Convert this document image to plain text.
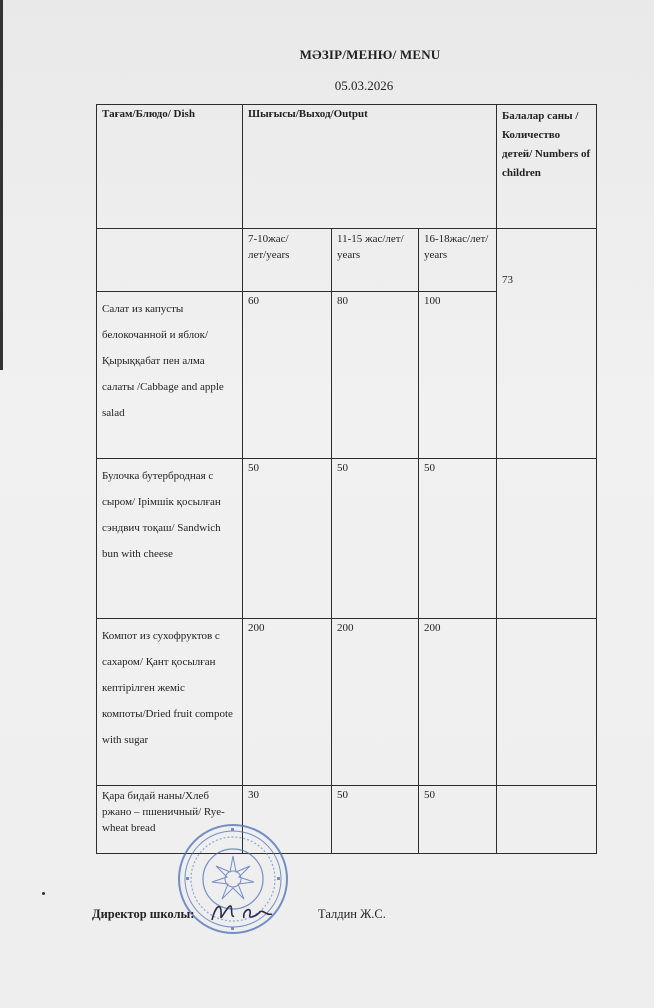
МӘЗІР/МЕНЮ/ MENU
05.03.2026
Тағам/Блюдо/ Dish	Шығысы/Выход/Output			Балалар саны /Количество детей/ Numbers of children
	7-10жас/лет/years	11-15 жас/лет/ years	16-18жас/лет/ years	73

Салат из капусты белокочанной и яблок/ Қырыққабат пен алма салаты /Cabbage and apple salad	60	80	100	
Булочка бутербродная с сыром/ Ірімшік қосылған сэндвич тоқаш/ Sandwich bun with cheese	50	50	50	
Компот из сухофруктов с сахаром/ Қант қосылған кептірілген жеміс компоты/Dried fruit compote with sugar	200	200	200	
Қара бидай наны/Хлеб ржано – пшеничный/ Rye-wheat bread	30	50	50	
Директор школы:	Талдин Ж.С.
